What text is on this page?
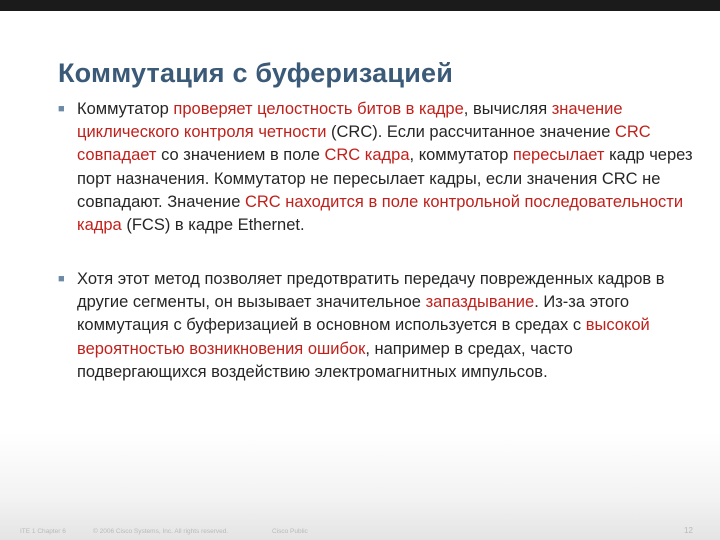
Коммутация с буферизацией
■ Коммутатор проверяет целостность битов в кадре, вычисляя значение циклического контроля четности (CRC). Если рассчитанное значение CRC совпадает со значением в поле CRC кадра, коммутатор пересылает кадр через порт назначения. Коммутатор не пересылает кадры, если значения CRC не совпадают. Значение CRC находится в поле контрольной последовательности кадра (FCS) в кадре Ethernet.
■ Хотя этот метод позволяет предотвратить передачу поврежденных кадров в другие сегменты, он вызывает значительное запаздывание. Из-за этого коммутация с буферизацией в основном используется в средах с высокой вероятностью возникновения ошибок, например в средах, часто подвергающихся воздействию электромагнитных импульсов.
ITE 1 Chapter 6	© 2006 Cisco Systems, Inc. All rights reserved.	Cisco Public	12
